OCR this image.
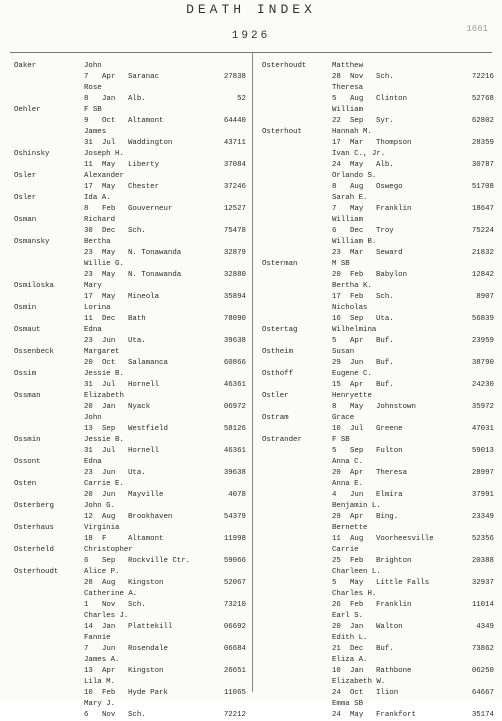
DEATH INDEX
1926
1661
Oaker	John
7 Apr Saranac	27838
Rose
8 Jan Alb.	52
Oehler	F SB
9 Oct Altamont	64440
James
31 Jul Waddington	43711
Oshinsky	Joseph H.
11 May Liberty	37084
Osler	Alexander
17 May Chester	37246
Osler	Ida A.
8 Feb Gouverneur	12527
Osman	Richard
30 Dec Sch.	75478
Osmansky	Bertha
23 May N. Tonawanda	32879
Willie G.
23 May N. Tonawanda	32880
Osmiloska	Mary
17 May Mineola	35894
Osmin	Lorina
11 Dec Bath	78090
Osmaut	Edna
23 Jun Uta.	39638
Ossenbeck	Margaret
20 Oct Salamanca	60866
Ossim	Jessie B.
31 Jul Hornell	46361
Ossman	Elizabeth
20 Jan Nyack	06972
John
13 Sep Westfield	58126
Ossmin	Jessie B.
31 Jul Hornell	46361
Ossont	Edna
23 Jun Uta.	39638
Osten	Carrie E.
20 Jun Mayville	4078
Osterberg	John G.
12 Aug Brookhaven	54379
Osterhaus	Virginia
18 F	Altamont	11998
Osterheld	Christopher
6 Sep Rockville Ctr.	59066
Osterhoudt	Alice P.
28 Aug Kingston	52067
Catherine A.
1 Nov Sch.	73210
Charles J.
14 Jan Plattekill	06692
Fannie
7 Jun Rosendale	06684
James A.
13 Apr Kingston	26651
Lila M.
10 Feb Hyde Park	11065
Mary J.
6 Nov Sch.	72212
Osterhoudt	Matthew
28 Nov Sch.	72216
Theresa
5 Aug Clinton	52768
William
22 Sep Syr.	62802
Osterhout	Hannah M.
17 Mar Thompson	28359
Ivan C., Jr.
24 May Alb.	30787
Orlando S.
8 Aug Oswego	51708
Sarah E.
7 May Franklin	18647
William
6 Dec Troy	75224
William B.
23 Mar Seward	21832
Osterman	M SB
20 Feb Babylon	12842
Bertha K.
17 Feb Sch.	8907
Nicholas
16 Sep Uta.	56839
Ostertag	Wilhelmina
5 Apr Buf.	23959
Ostheim	Susan
29 Jun Buf.	38790
Osthoff	Eugene C.
15 Apr Buf.	24230
Ostler	Henryette
8 May Johnstown	35972
Ostram	Grace
10 Jul Greene	47031
Ostrander	F SB
5 Sep Fulton	59013
Anna C.
20 Apr Theresa	28997
Anna E.
4 Jun Elmira	37991
Benjamin L.
29 Apr Bing.	23349
Bernette
11 Aug Voorheesville	52356
Carrie
25 Feb Brighton	20388
Charleen L.
5 May Little Falls	32937
Charles H.
26 Feb Franklin	11014
Earl S.
20 Jan Walton	4349
Edith L.
21 Dec Buf.	73862
Eliza A.
10 Jan Rathbone	06250
Elizabeth W.
24 Oct Ilion	64667
Emma SB
24 May Frankfort	35174
